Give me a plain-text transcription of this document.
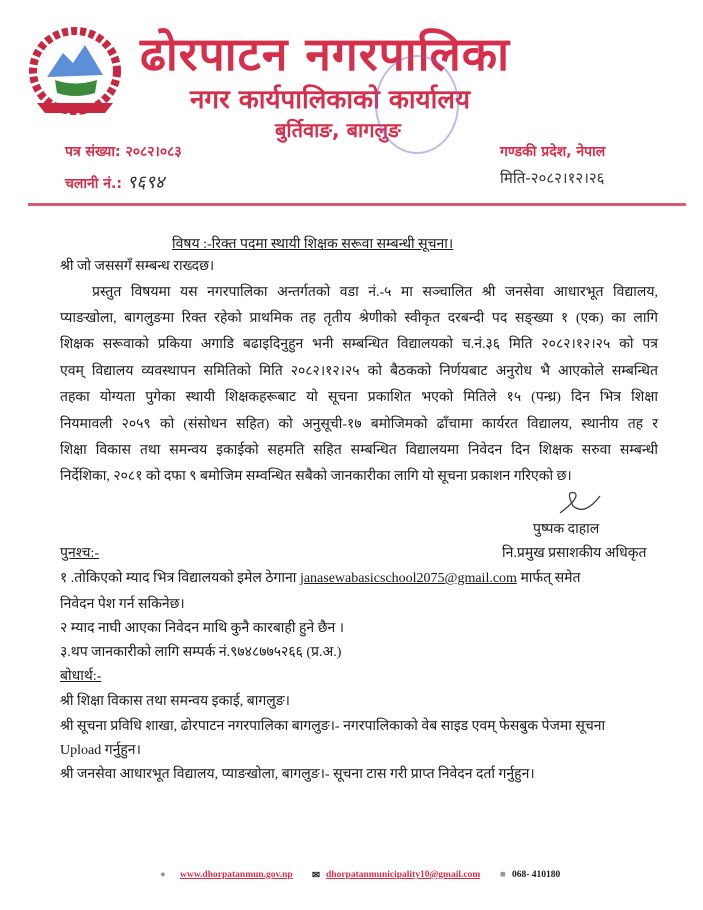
ढोरपाटन नगरपालिका
नगर कार्यपालिकाको कार्यालय
बुर्तिवाङ, बागलुङ
पत्र संख्या: २०८२।०८३
चलानी नं.: ९६९४
गण्डकी प्रदेश, नेपाल
मिति-२०८२।१२।२६
विषय :-रिक्त पदमा स्थायी शिक्षक सरूवा सम्बन्धी सूचना।
श्री जो जससगँ सम्बन्ध राख्दछ।
प्रस्तुत विषयमा यस नगरपालिका अन्तर्गतको वडा नं.-५ मा सञ्चालित श्री जनसेवा आधारभूत विद्यालय,
प्याङखोला, बागलुङमा रिक्त रहेको प्राथमिक तह तृतीय श्रेणीको स्वीकृत दरबन्दी पद सङ्ख्या १ (एक) का लागि
शिक्षक सरूवाको प्रकिया अगाडि बढाइदिनुहुन भनी सम्बन्धित विद्यालयको च.नं.३६ मिति २०८२।१२।२५ को पत्र
एवम् विद्यालय व्यवस्थापन समितिको मिति २०८२।१२।२५ को बैठकको निर्णयबाट अनुरोध भै आएकोले सम्बन्धित
तहका योग्यता पुगेका स्थायी शिक्षकहरूबाट यो सूचना प्रकाशित भएको मितिले १५ (पन्ध्र) दिन भित्र शिक्षा
नियमावली २०५९ को (संसोधन सहित) को अनुसूची-१७ बमोजिमको ढाँचामा कार्यरत विद्यालय, स्थानीय तह र
शिक्षा विकास तथा समन्वय इकाईको सहमति सहित सम्बन्धित विद्यालयमा निवेदन दिन शिक्षक सरुवा सम्बन्धी
निर्देशिका, २०८१ को दफा ९ बमोजिम सम्वन्धित सबैको जानकारीका लागि यो सूचना प्रकाशन गरिएको छ।
पुष्पक दाहाल
नि.प्रमुख प्रसाशकीय अधिकृत
पुनश्च:-
१ .तोकिएको म्याद भित्र विद्यालयको इमेल ठेगाना janasewabasicschool2075@gmail.com मार्फत् समेत
निवेदन पेश गर्न सकिनेछ।
२ म्याद नाघी आएका निवेदन माथि कुनै कारबाही हुने छैन ।
३.थप जानकारीको लागि सम्पर्क नं.९७४८७७५२६६ (प्र.अ.)
बोधार्थ:-
श्री शिक्षा विकास तथा समन्वय इकाई, बागलुङ।
श्री सूचना प्रविधि शाखा, ढोरपाटन नगरपालिका बागलुङ।- नगरपालिकाको वेब साइड एवम् फेसबुक पेजमा सूचना
Upload गर्नुहुन।
श्री जनसेवा आधारभूत विद्यालय, प्याङखोला, बागलुङ।- सूचना टास गरी प्राप्त निवेदन दर्ता गर्नुहुन।
● www.dhorpatanmun.gov.np ✉ dhorpatanmunicipality10@gmail.com ■ 068- 410180
